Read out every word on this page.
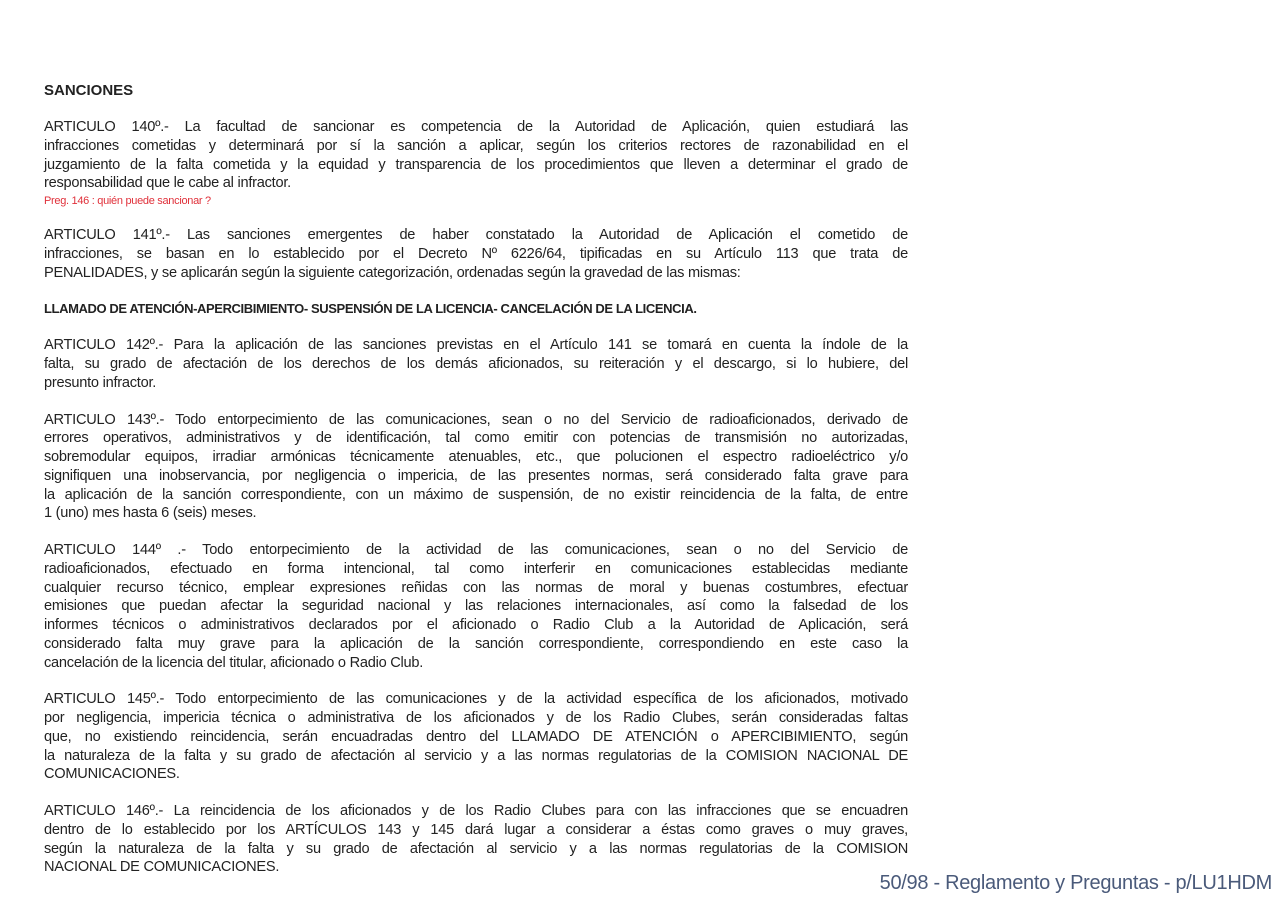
SANCIONES
ARTICULO 140º.- La facultad de sancionar es competencia de la Autoridad de Aplicación, quien estudiará las
infracciones cometidas y determinará por sí la sanción a aplicar, según los criterios rectores de razonabilidad en el
juzgamiento de la falta cometida y la equidad y transparencia de los procedimientos que lleven a determinar el grado de
responsabilidad que le cabe al infractor.
Preg. 146 : quién puede sancionar ?
ARTICULO 141º.- Las sanciones emergentes de haber constatado la Autoridad de Aplicación el cometido de
infracciones, se basan en lo establecido por el Decreto Nº 6226/64, tipificadas en su Artículo 113 que trata de
PENALIDADES, y se aplicarán según la siguiente categorización, ordenadas según la gravedad de las mismas:
LLAMADO DE ATENCIÓN-APERCIBIMIENTO- SUSPENSIÓN DE LA LICENCIA- CANCELACIÓN DE LA LICENCIA.
ARTICULO 142º.- Para la aplicación de las sanciones previstas en el Artículo 141 se tomará en cuenta la índole de la
falta, su grado de afectación de los derechos de los demás aficionados, su reiteración y el descargo, si lo hubiere, del
presunto infractor.
ARTICULO 143º.- Todo entorpecimiento de las comunicaciones, sean o no del Servicio de radioaficionados, derivado de
errores operativos, administrativos y de identificación, tal como emitir con potencias de transmisión no autorizadas,
sobremodular equipos, irradiar armónicas técnicamente atenuables, etc., que polucionen el espectro radioeléctrico y/o
signifiquen una inobservancia, por negligencia o impericia, de las presentes normas, será considerado falta grave para
la aplicación de la sanción correspondiente, con un máximo de suspensión, de no existir reincidencia de la falta, de entre
1 (uno) mes hasta 6 (seis) meses.
ARTICULO 144º .- Todo entorpecimiento de la actividad de las comunicaciones, sean o no del Servicio de
radioaficionados, efectuado en forma intencional, tal como interferir en comunicaciones establecidas mediante
cualquier recurso técnico, emplear expresiones reñidas con las normas de moral y buenas costumbres, efectuar
emisiones que puedan afectar la seguridad nacional y las relaciones internacionales, así como la falsedad de los
informes técnicos o administrativos declarados por el aficionado o Radio Club a la Autoridad de Aplicación, será
considerado falta muy grave para la aplicación de la sanción correspondiente, correspondiendo en este caso la
cancelación de la licencia del titular, aficionado o Radio Club.
ARTICULO 145º.- Todo entorpecimiento de las comunicaciones y de la actividad específica de los aficionados, motivado
por negligencia, impericia técnica o administrativa de los aficionados y de los Radio Clubes, serán consideradas faltas
que, no existiendo reincidencia, serán encuadradas dentro del LLAMADO DE ATENCIÓN o APERCIBIMIENTO, según
la naturaleza de la falta y su grado de afectación al servicio y a las normas regulatorias de la COMISION NACIONAL DE
COMUNICACIONES.
ARTICULO 146º.- La reincidencia de los aficionados y de los Radio Clubes para con las infracciones que se encuadren
dentro de lo establecido por los ARTÍCULOS 143 y 145 dará lugar a considerar a éstas como graves o muy graves,
según la naturaleza de la falta y su grado de afectación al servicio y a las normas regulatorias de la COMISION
NACIONAL DE COMUNICACIONES.
50/98 - Reglamento y Preguntas - p/LU1HDM
